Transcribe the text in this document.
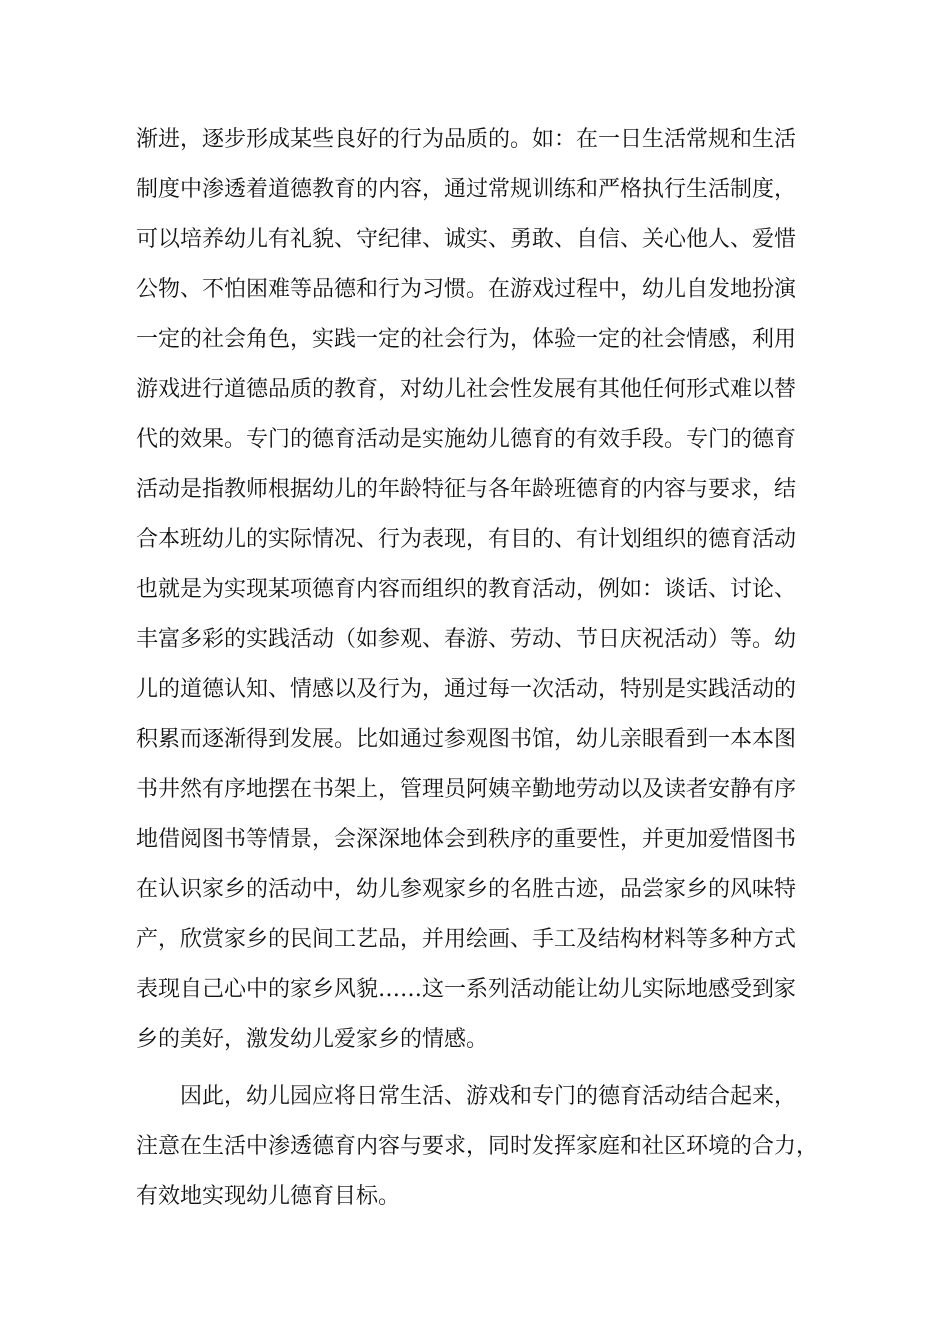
渐进，逐步形成某些良好的行为品质的。如：在一日生活常规和生活
制度中渗透着道德教育的内容，通过常规训练和严格执行生活制度，
可以培养幼儿有礼貌、守纪律、诚实、勇敢、自信、关心他人、爱惜
公物、不怕困难等品德和行为习惯。在游戏过程中，幼儿自发地扮演
一定的社会角色，实践一定的社会行为，体验一定的社会情感，利用
游戏进行道德品质的教育，对幼儿社会性发展有其他任何形式难以替
代的效果。专门的德育活动是实施幼儿德育的有效手段。专门的德育
活动是指教师根据幼儿的年龄特征与各年龄班德育的内容与要求，结
合本班幼儿的实际情况、行为表现，有目的、有计划组织的德育活动
也就是为实现某项德育内容而组织的教育活动，例如：谈话、讨论、
丰富多彩的实践活动（如参观、春游、劳动、节日庆祝活动）等。幼
儿的道德认知、情感以及行为，通过每一次活动，特别是实践活动的
积累而逐渐得到发展。比如通过参观图书馆，幼儿亲眼看到一本本图
书井然有序地摆在书架上，管理员阿姨辛勤地劳动以及读者安静有序
地借阅图书等情景，会深深地体会到秩序的重要性，并更加爱惜图书
在认识家乡的活动中，幼儿参观家乡的名胜古迹，品尝家乡的风味特
产，欣赏家乡的民间工艺品，并用绘画、手工及结构材料等多种方式
表现自己心中的家乡风貌……这一系列活动能让幼儿实际地感受到家
乡的美好，激发幼儿爱家乡的情感。
因此，幼儿园应将日常生活、游戏和专门的德育活动结合起来，
注意在生活中渗透德育内容与要求，同时发挥家庭和社区环境的合力，
有效地实现幼儿德育目标。
